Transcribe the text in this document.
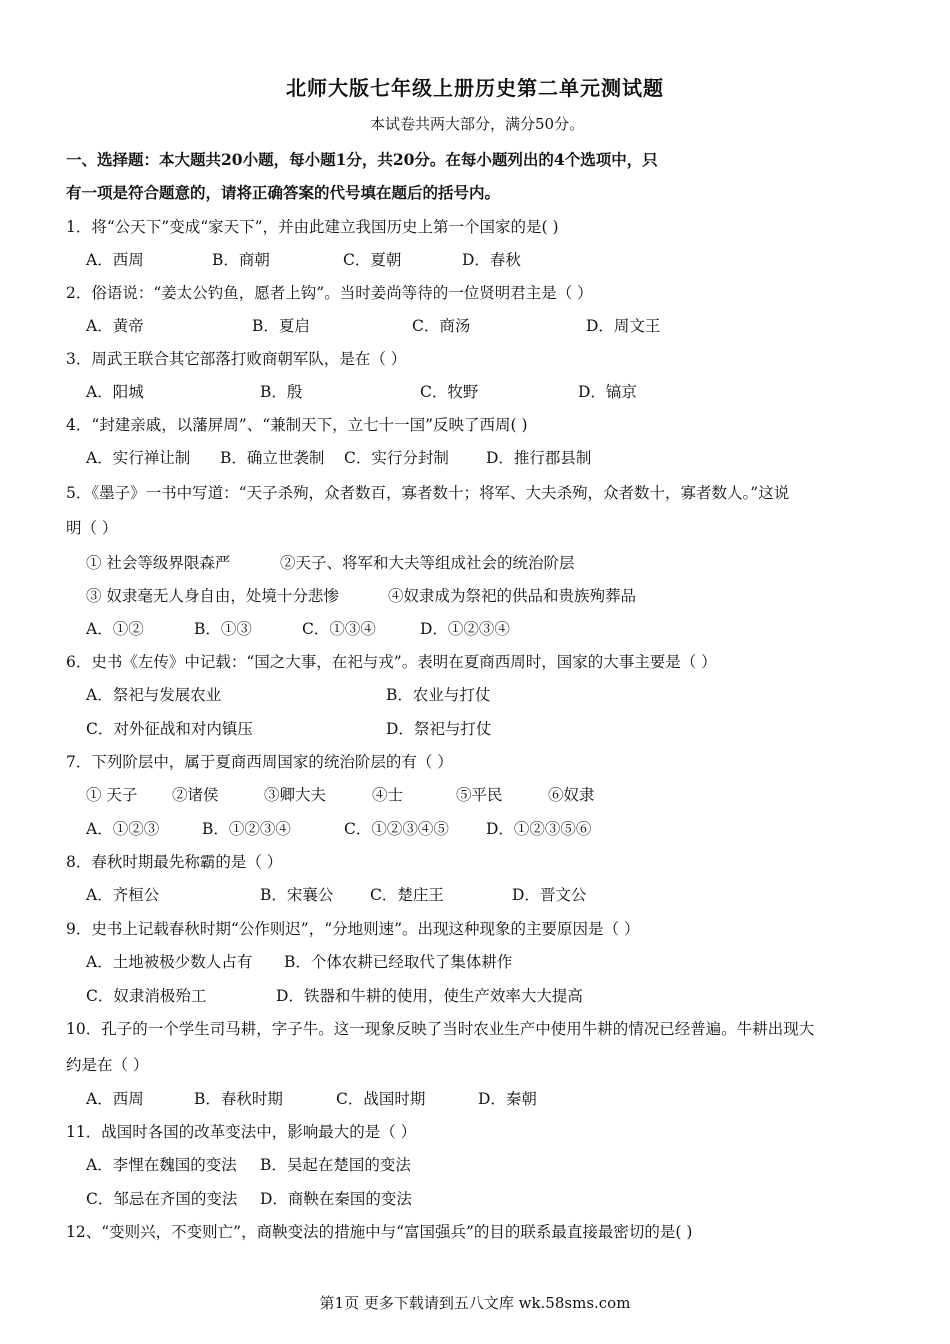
北师大版七年级上册历史第二单元测试题
本试卷共两大部分，满分50分。
一、选择题：本大题共20小题，每小题1分，共20分。在每小题列出的4个选项中，只
有一项是符合题意的，请将正确答案的代号填在题后的括号内。
1．将“公天下”变成“家天下”，并由此建立我国历史上第一个国家的是( )
A．西周	B．商朝	C．夏朝	D．春秋
2．俗语说：“姜太公钓鱼，愿者上钩”。当时姜尚等待的一位贤明君主是（ ）
A．黄帝	B．夏启	C．商汤	D．周文王
3．周武王联合其它部落打败商朝军队，是在（ ）
A．阳城	B．殷	C．牧野	D．镐京
4．“封建亲戚，以藩屏周”、“兼制天下，立七十一国”反映了西周( )
A．实行禅让制 B．确立世袭制 C．实行分封制 D．推行郡县制
5．《墨子》一书中写道：“天子杀殉，众者数百，寡者数十；将军、大夫杀殉，众者数十，寡者数人。”这说
明（ ）
① 社会等级界限森严	②天子、将军和大夫等组成社会的统治阶层
③ 奴隶毫无人身自由，处境十分悲惨	④奴隶成为祭祀的供品和贵族殉葬品
A．①②	B．①③	C．①③④	D．①②③④
6．史书《左传》中记载：“国之大事，在祀与戎”。表明在夏商西周时，国家的大事主要是（ ）
A．祭祀与发展农业	B．农业与打仗
C．对外征战和对内镇压	D．祭祀与打仗
7．下列阶层中，属于夏商西周国家的统治阶层的有（ ）
① 天子 ②诸侯	③卿大夫	④士	⑤平民	⑥奴隶
A．①②③	B．①②③④	C．①②③④⑤ D．①②③⑤⑥
8．春秋时期最先称霸的是（ ）
A．齐桓公	B．宋襄公 C．楚庄王	D．晋文公
9．史书上记载春秋时期“公作则迟”，“分地则速”。出现这种现象的主要原因是（ ）
A．土地被极少数人占有 B．个体农耕已经取代了集体耕作
C．奴隶消极殆工	D．铁器和牛耕的使用，使生产效率大大提高
10．孔子的一个学生司马耕，字子牛。这一现象反映了当时农业生产中使用牛耕的情况已经普遍。牛耕出现大
约是在（ ）
A．西周	B．春秋时期	C．战国时期	D．秦朝
11．战国时各国的改革变法中，影响最大的是（ ）
A．李悝在魏国的变法 B．吴起在楚国的变法
C．邹忌在齐国的变法 D．商鞅在秦国的变法
12、“变则兴，不变则亡”，商鞅变法的措施中与“富国强兵”的目的联系最直接最密切的是( )
第1页 更多下载请到五八文库 wk.58sms.com
